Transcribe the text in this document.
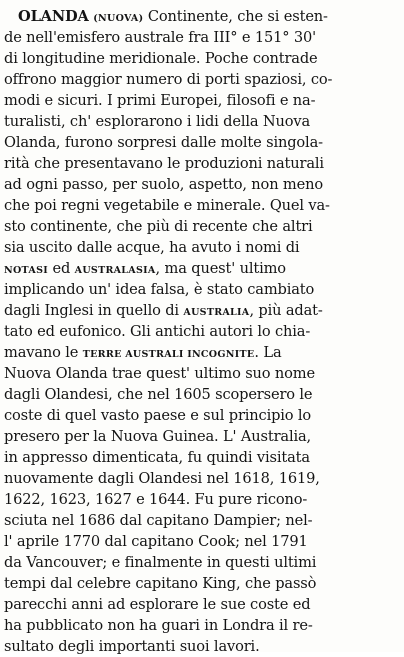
OLANDA (NUOVA) Continente, che si esten-
de nell'emisfero australe fra III° e 151° 30'
di longitudine meridionale. Poche contrade
offrono maggior numero di porti spaziosi, co-
modi e sicuri. I primi Europei, filosofi e na-
turalisti, ch' esplorarono i lidi della Nuova
Olanda, furono sorpresi dalle molte singola-
rità che presentavano le produzioni naturali
ad ogni passo, per suolo, aspetto, non meno
che poi regni vegetabile e minerale. Quel va-
sto continente, che più di recente che altri
sia uscito dalle acque, ha avuto i nomi di
NOTASI ed AUSTRALASIA, ma quest' ultimo
implicando un' idea falsa, è stato cambiato
dagli Inglesi in quello di AUSTRALIA, più adat-
tato ed eufonico. Gli antichi autori lo chia-
mavano le TERRE AUSTRALI INCOGNITE. La
Nuova Olanda trae quest' ultimo suo nome
dagli Olandesi, che nel 1605 scopersero le
coste di quel vasto paese e sul principio lo
presero per la Nuova Guinea. L' Australia,
in appresso dimenticata, fu quindi visitata
nuovamente dagli Olandesi nel 1618, 1619,
1622, 1623, 1627 e 1644. Fu pure ricono-
sciuta nel 1686 dal capitano Dampier; nel-
l' aprile 1770 dal capitano Cook; nel 1791
da Vancouver; e finalmente in questi ultimi
tempi dal celebre capitano King, che passò
parecchi anni ad esplorare le sue coste ed
ha pubblicato non ha guari in Londra il re-
sultato degli importanti suoi lavori.
